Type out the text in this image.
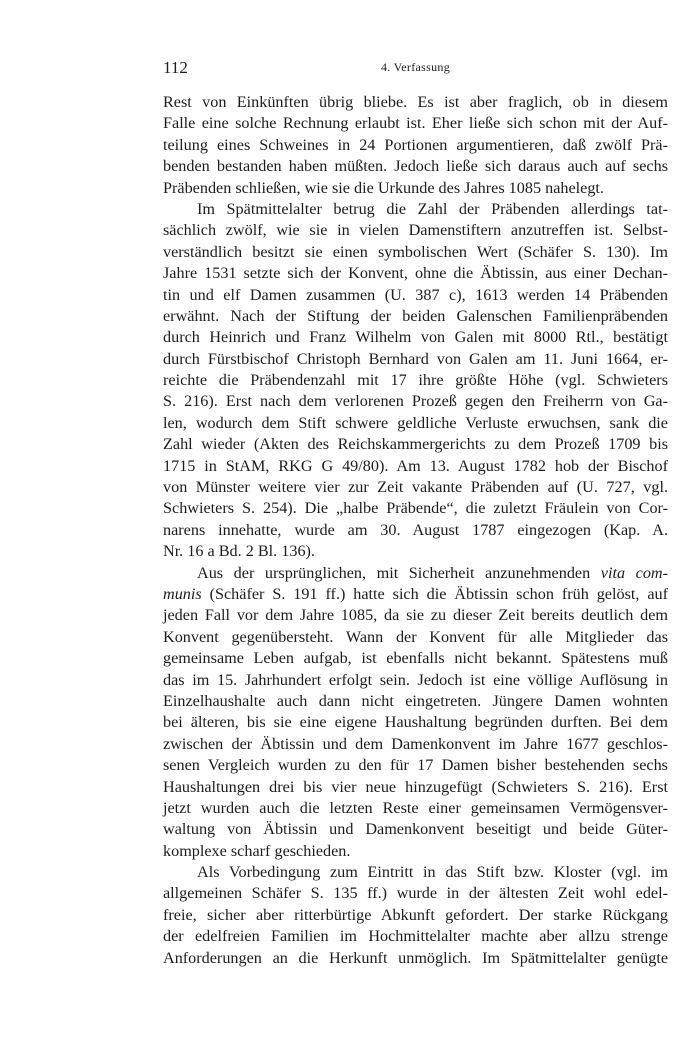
112	4. Verfassung
Rest von Einkünften übrig bliebe. Es ist aber fraglich, ob in diesem
Falle eine solche Rechnung erlaubt ist. Eher ließe sich schon mit der Auf-
teilung eines Schweines in 24 Portionen argumentieren, daß zwölf Prä-
benden bestanden haben müßten. Jedoch ließe sich daraus auch auf sechs
Präbenden schließen, wie sie die Urkunde des Jahres 1085 nahelegt.
Im Spätmittelalter betrug die Zahl der Präbenden allerdings tat-
sächlich zwölf, wie sie in vielen Damenstiftern anzutreffen ist. Selbst-
verständlich besitzt sie einen symbolischen Wert (Schäfer S. 130). Im
Jahre 1531 setzte sich der Konvent, ohne die Äbtissin, aus einer Dechan-
tin und elf Damen zusammen (U. 387 c), 1613 werden 14 Präbenden
erwähnt. Nach der Stiftung der beiden Galenschen Familienpräbenden
durch Heinrich und Franz Wilhelm von Galen mit 8000 Rtl., bestätigt
durch Fürstbischof Christoph Bernhard von Galen am 11. Juni 1664, er-
reichte die Präbendenzahl mit 17 ihre größte Höhe (vgl. Schwieters
S. 216). Erst nach dem verlorenen Prozeß gegen den Freiherrn von Ga-
len, wodurch dem Stift schwere geldliche Verluste erwuchsen, sank die
Zahl wieder (Akten des Reichskammergerichts zu dem Prozeß 1709 bis
1715 in StAM, RKG G 49/80). Am 13. August 1782 hob der Bischof
von Münster weitere vier zur Zeit vakante Präbenden auf (U. 727, vgl.
Schwieters S. 254). Die „halbe Präbende“, die zuletzt Fräulein von Cor-
narens innehatte, wurde am 30. August 1787 eingezogen (Kap. A.
Nr. 16 a Bd. 2 Bl. 136).
Aus der ursprünglichen, mit Sicherheit anzunehmenden vita com-
munis (Schäfer S. 191 ff.) hatte sich die Äbtissin schon früh gelöst, auf
jeden Fall vor dem Jahre 1085, da sie zu dieser Zeit bereits deutlich dem
Konvent gegenübersteht. Wann der Konvent für alle Mitglieder das
gemeinsame Leben aufgab, ist ebenfalls nicht bekannt. Spätestens muß
das im 15. Jahrhundert erfolgt sein. Jedoch ist eine völlige Auflösung in
Einzelhaushalte auch dann nicht eingetreten. Jüngere Damen wohnten
bei älteren, bis sie eine eigene Haushaltung begründen durften. Bei dem
zwischen der Äbtissin und dem Damenkonvent im Jahre 1677 geschlos-
senen Vergleich wurden zu den für 17 Damen bisher bestehenden sechs
Haushaltungen drei bis vier neue hinzugefügt (Schwieters S. 216). Erst
jetzt wurden auch die letzten Reste einer gemeinsamen Vermögensver-
waltung von Äbtissin und Damenkonvent beseitigt und beide Güter-
komplexe scharf geschieden.
Als Vorbedingung zum Eintritt in das Stift bzw. Kloster (vgl. im
allgemeinen Schäfer S. 135 ff.) wurde in der ältesten Zeit wohl edel-
freie, sicher aber ritterbürtige Abkunft gefordert. Der starke Rückgang
der edelfreien Familien im Hochmittelalter machte aber allzu strenge
Anforderungen an die Herkunft unmöglich. Im Spätmittelalter genügte
